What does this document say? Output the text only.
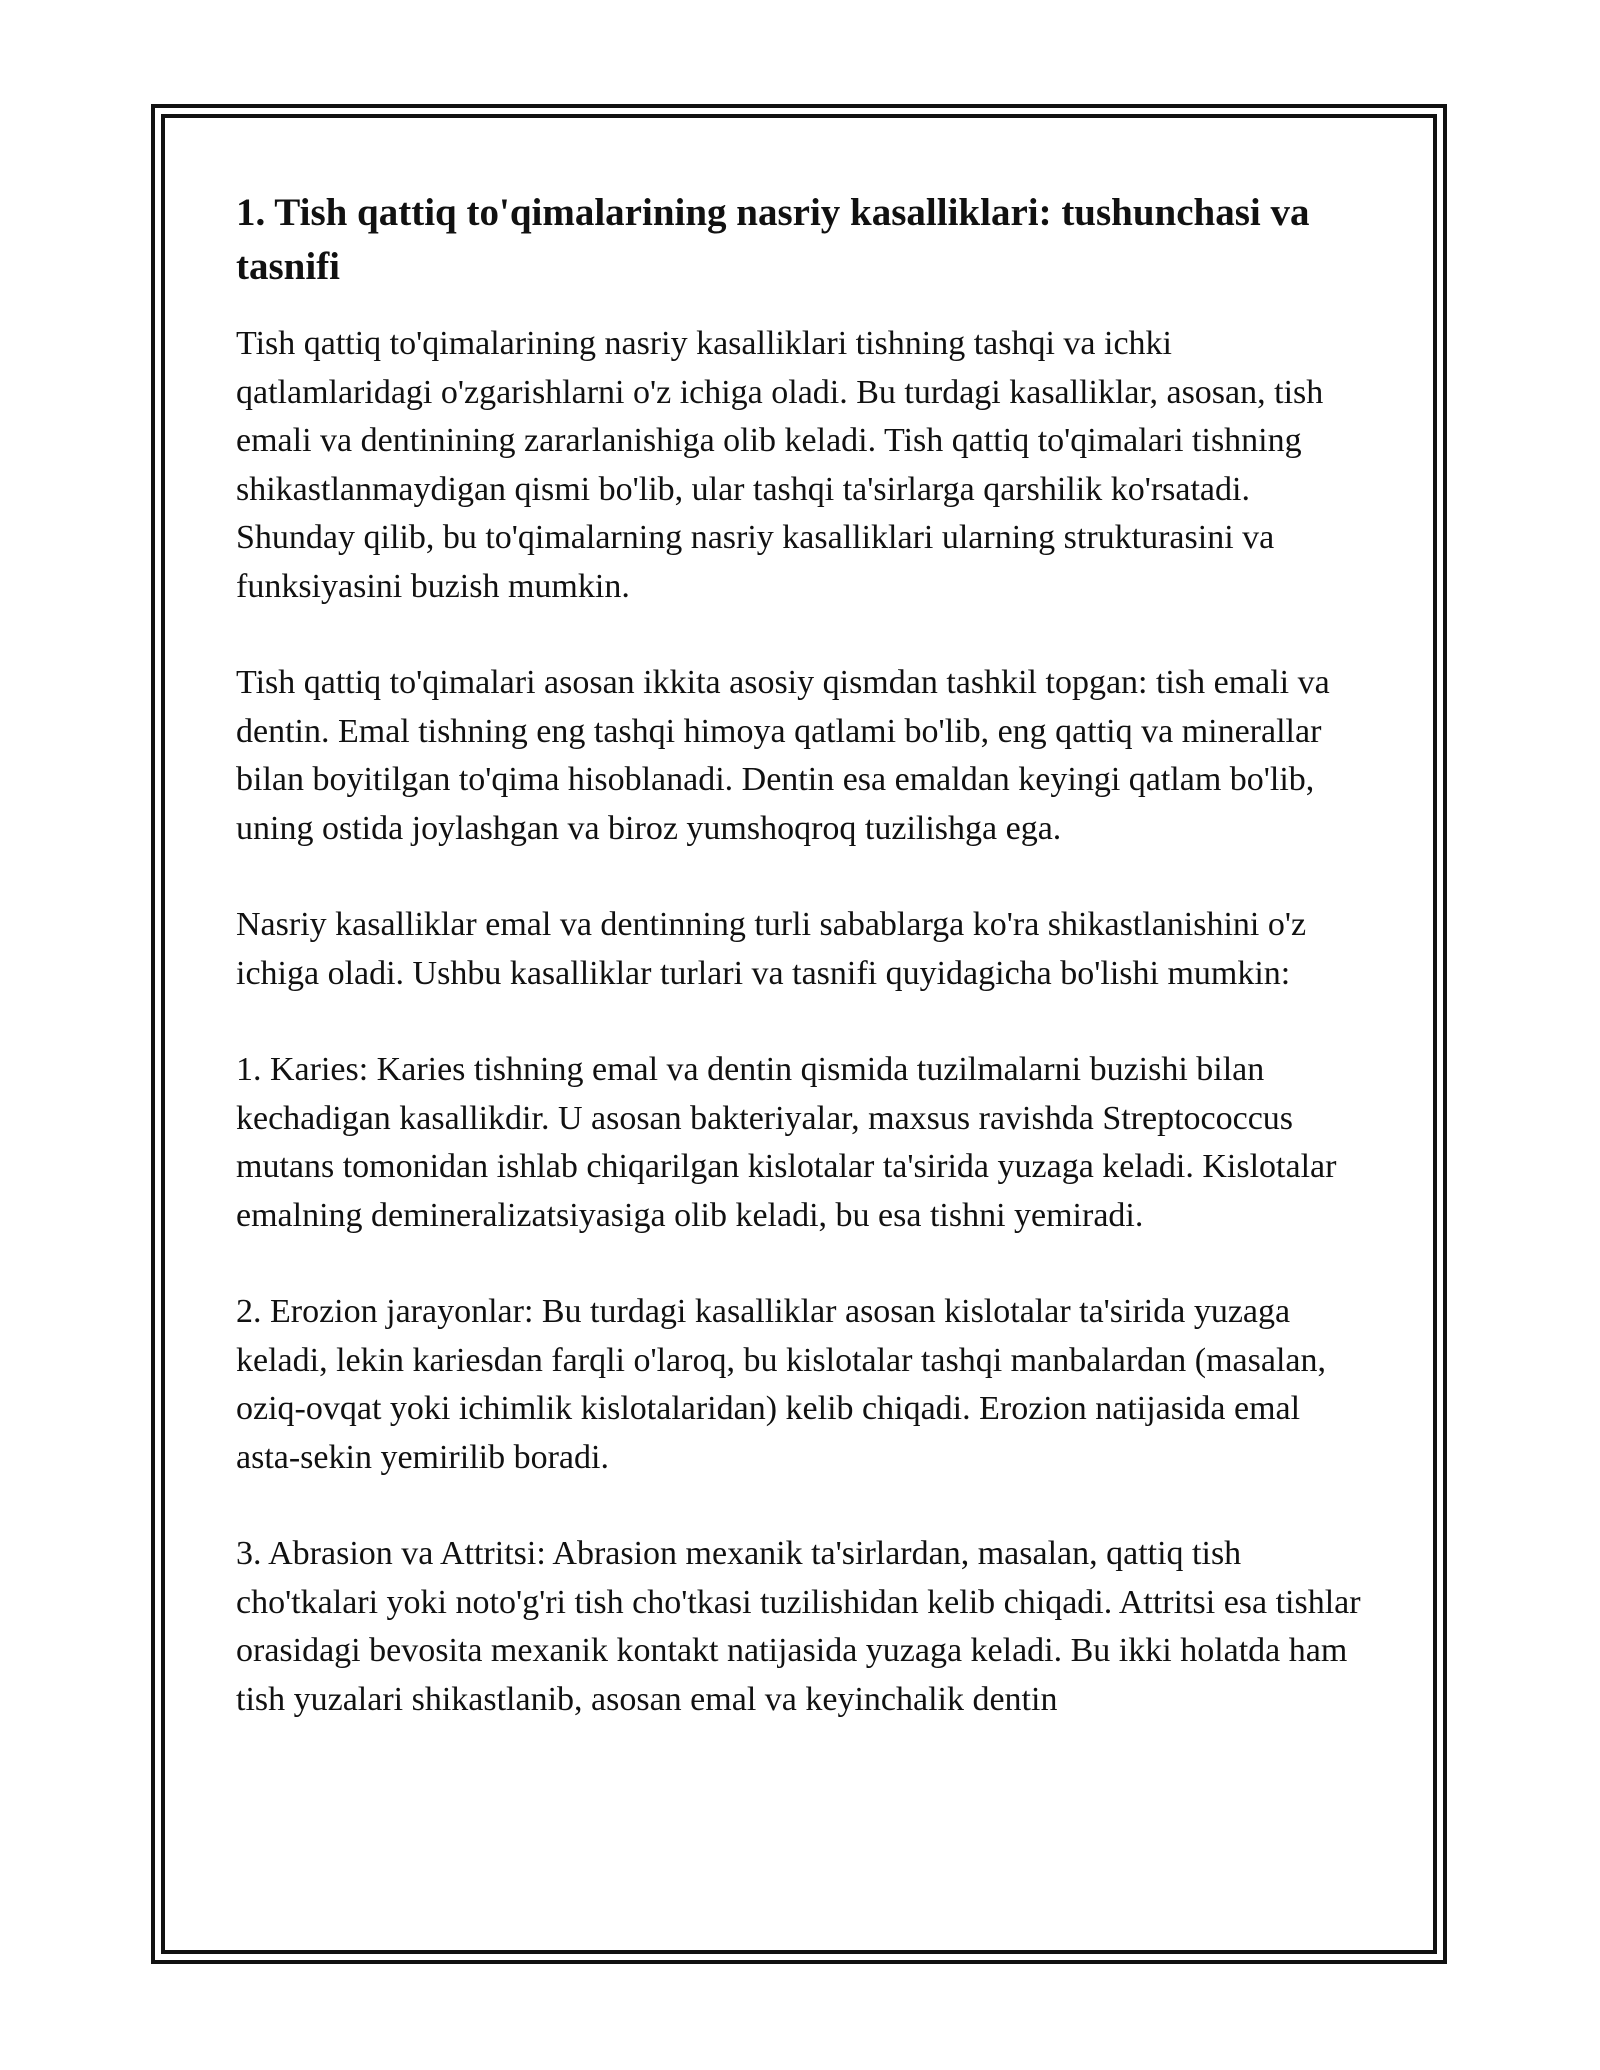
1. Tish qattiq to'qimalarining nasriy kasalliklari: tushunchasi va tasnifi

Tish qattiq to'qimalarining nasriy kasalliklari tishning tashqi va ichki qatlamlaridagi o'zgarishlarni o'z ichiga oladi. Bu turdagi kasalliklar, asosan, tish emali va dentinining zararlanishiga olib keladi. Tish qattiq to'qimalari tishning shikastlanmaydigan qismi bo'lib, ular tashqi ta'sirlarga qarshilik ko'rsatadi. Shunday qilib, bu to'qimalarning nasriy kasalliklari ularning strukturasini va funksiyasini buzish mumkin.

Tish qattiq to'qimalari asosan ikkita asosiy qismdan tashkil topgan: tish emali va dentin. Emal tishning eng tashqi himoya qatlami bo'lib, eng qattiq va minerallar bilan boyitilgan to'qima hisoblanadi. Dentin esa emaldan keyingi qatlam bo'lib, uning ostida joylashgan va biroz yumshoqroq tuzilishga ega.

Nasriy kasalliklar emal va dentinning turli sabablarga ko'ra shikastlanishini o'z ichiga oladi. Ushbu kasalliklar turlari va tasnifi quyidagicha bo'lishi mumkin:

1. Karies: Karies tishning emal va dentin qismida tuzilmalarni buzishi bilan kechadigan kasallikdir. U asosan bakteriyalar, maxsus ravishda Streptococcus mutans tomonidan ishlab chiqarilgan kislotalar ta'sirida yuzaga keladi. Kislotalar emalning demineralizatsiyasiga olib keladi, bu esa tishni yemiradi.

2. Erozion jarayonlar: Bu turdagi kasalliklar asosan kislotalar ta'sirida yuzaga keladi, lekin kariesdan farqli o'laroq, bu kislotalar tashqi manbalardan (masalan, oziq-ovqat yoki ichimlik kislotalaridan) kelib chiqadi. Erozion natijasida emal asta-sekin yemirilib boradi.

3. Abrasion va Attritsi: Abrasion mexanik ta'sirlardan, masalan, qattiq tish cho'tkalari yoki noto'g'ri tish cho'tkasi tuzilishidan kelib chiqadi. Attritsi esa tishlar orasidagi bevosita mexanik kontakt natijasida yuzaga keladi. Bu ikki holatda ham tish yuzalari shikastlanib, asosan emal va keyinchalik dentin
